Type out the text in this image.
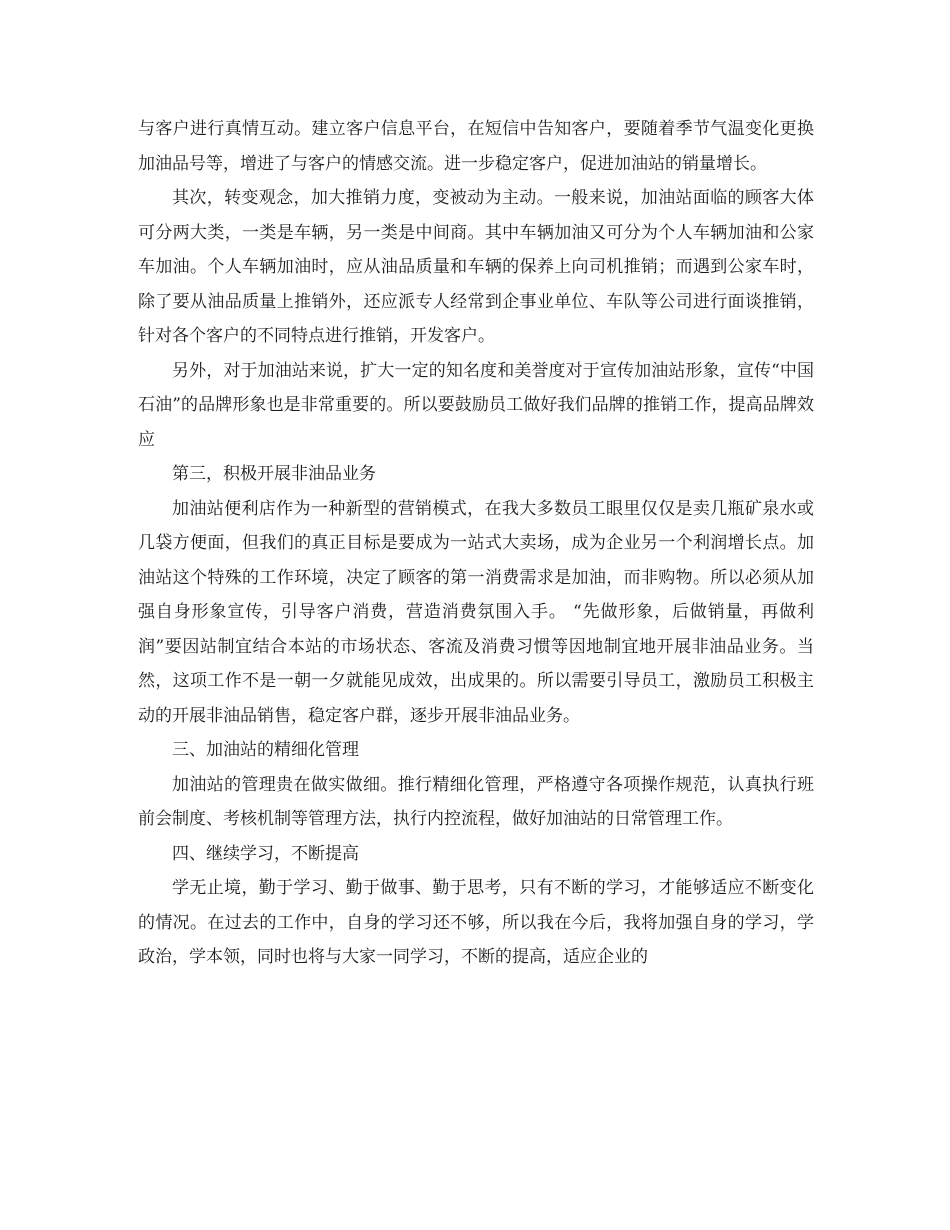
与客户进行真情互动。建立客户信息平台，在短信中告知客户，要随着季节气温变化更换加油品号等，增进了与客户的情感交流。进一步稳定客户，促进加油站的销量增长。

其次，转变观念，加大推销力度，变被动为主动。一般来说，加油站面临的顾客大体可分两大类，一类是车辆，另一类是中间商。其中车辆加油又可分为个人车辆加油和公家车加油。个人车辆加油时，应从油品质量和车辆的保养上向司机推销；而遇到公家车时，除了要从油品质量上推销外，还应派专人经常到企事业单位、车队等公司进行面谈推销，针对各个客户的不同特点进行推销，开发客户。

另外，对于加油站来说，扩大一定的知名度和美誉度对于宣传加油站形象，宣传“中国石油”的品牌形象也是非常重要的。所以要鼓励员工做好我们品牌的推销工作，提高品牌效应

第三，积极开展非油品业务

加油站便利店作为一种新型的营销模式，在我大多数员工眼里仅仅是卖几瓶矿泉水或几袋方便面，但我们的真正目标是要成为一站式大卖场，成为企业另一个利润增长点。加油站这个特殊的工作环境，决定了顾客的第一消费需求是加油，而非购物。所以必须从加强自身形象宣传，引导客户消费，营造消费氛围入手。 “先做形象，后做销量，再做利润”要因站制宜结合本站的市场状态、客流及消费习惯等因地制宜地开展非油品业务。当然，这项工作不是一朝一夕就能见成效，出成果的。所以需要引导员工，激励员工积极主动的开展非油品销售，稳定客户群，逐步开展非油品业务。

三、加油站的精细化管理

加油站的管理贵在做实做细。推行精细化管理，严格遵守各项操作规范，认真执行班前会制度、考核机制等管理方法，执行内控流程，做好加油站的日常管理工作。

四、继续学习，不断提高

学无止境，勤于学习、勤于做事、勤于思考，只有不断的学习，才能够适应不断变化的情况。在过去的工作中，自身的学习还不够，所以我在今后，我将加强自身的学习，学政治，学本领，同时也将与大家一同学习，不断的提高，适应企业的
